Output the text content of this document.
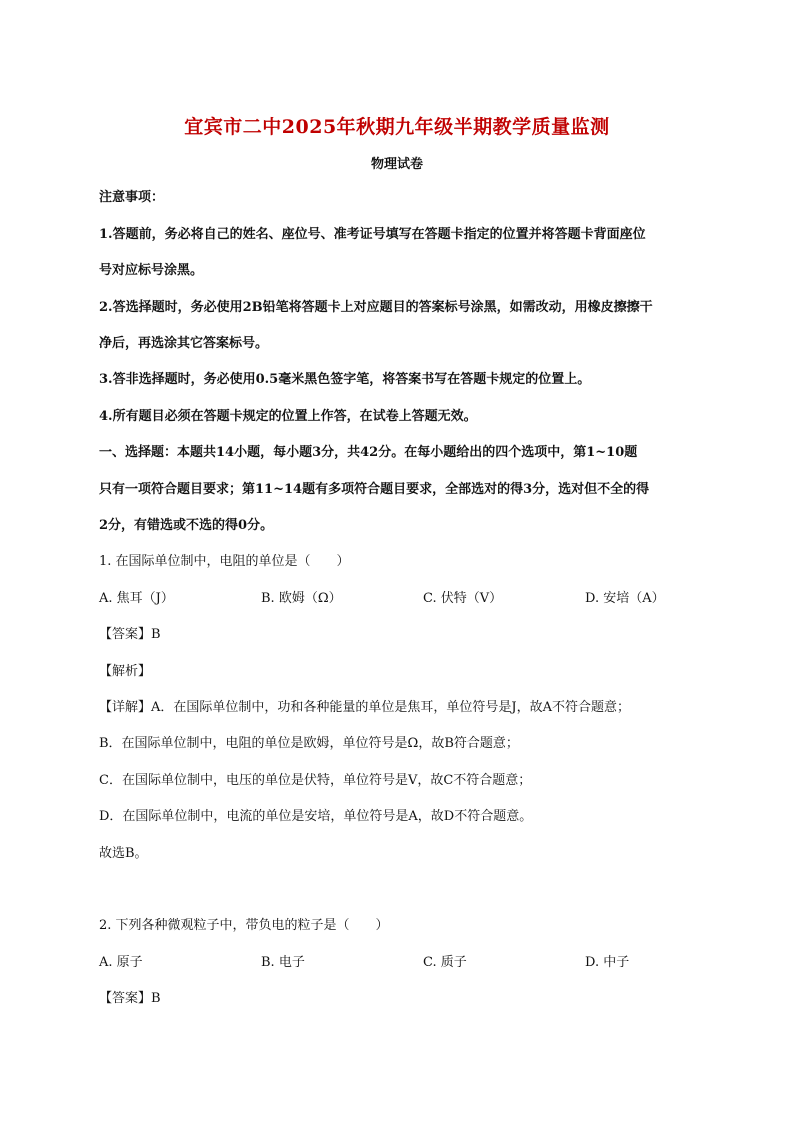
宜宾市二中2025年秋期九年级半期教学质量监测
物理试卷
注意事项：
1.答题前，务必将自己的姓名、座位号、准考证号填写在答题卡指定的位置并将答题卡背面座位
号对应标号涂黑。
2.答选择题时，务必使用2B铅笔将答题卡上对应题目的答案标号涂黑，如需改动，用橡皮擦擦干
净后，再选涂其它答案标号。
3.答非选择题时，务必使用0.5毫米黑色签字笔，将答案书写在答题卡规定的位置上。
4.所有题目必须在答题卡规定的位置上作答，在试卷上答题无效。
一、选择题：本题共14小题，每小题3分，共42分。在每小题给出的四个选项中，第1~10题
只有一项符合题目要求；第11~14题有多项符合题目要求，全部选对的得3分，选对但不全的得
2分，有错选或不选的得0分。
1. 在国际单位制中，电阻的单位是（　　）
A. 焦耳（J）	B. 欧姆（Ω）	C. 伏特（V）	D. 安培（A）
【答案】B
【解析】
【详解】A．在国际单位制中，功和各种能量的单位是焦耳，单位符号是J，故A不符合题意；
B．在国际单位制中，电阻的单位是欧姆，单位符号是Ω，故B符合题意；
C．在国际单位制中，电压的单位是伏特，单位符号是V，故C不符合题意；
D．在国际单位制中，电流的单位是安培，单位符号是A，故D不符合题意。
故选B。
2. 下列各种微观粒子中，带负电的粒子是（　　）
A. 原子	B. 电子	C. 质子	D. 中子
【答案】B
